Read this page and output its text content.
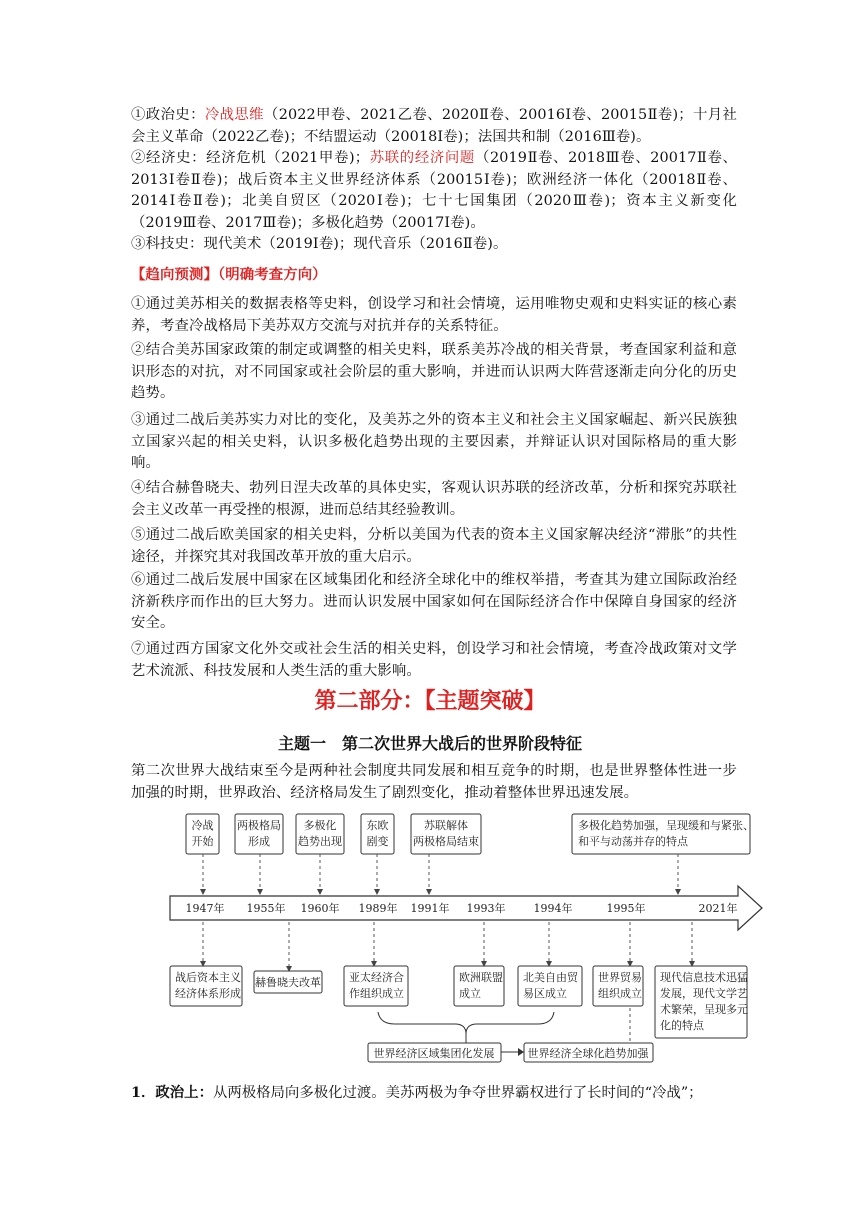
①政治史：冷战思维（2022甲卷、2021乙卷、2020Ⅱ卷、20016Ⅰ卷、20015Ⅱ卷)；十月社会主义革命（2022乙卷)；不结盟运动（20018Ⅰ卷)；法国共和制（2016Ⅲ卷)。

②经济史：经济危机（2021甲卷)；苏联的经济问题（2019Ⅱ卷、2018Ⅲ卷、20017Ⅱ卷、2013Ⅰ卷Ⅱ卷)；战后资本主义世界经济体系（20015Ⅰ卷)；欧洲经济一体化（20018Ⅱ卷、2014Ⅰ卷Ⅱ卷)；北美自贸区（2020Ⅰ卷)；七十七国集团（2020Ⅲ卷)；资本主义新变化（2019Ⅲ卷、2017Ⅲ卷)；多极化趋势（20017Ⅰ卷)。

③科技史：现代美术（2019Ⅰ卷)；现代音乐（2016Ⅱ卷)。

【趋向预测】（明确考查方向）

①通过美苏相关的数据表格等史料，创设学习和社会情境，运用唯物史观和史料实证的核心素养，考查冷战格局下美苏双方交流与对抗并存的关系特征。

②结合美苏国家政策的制定或调整的相关史料，联系美苏冷战的相关背景，考查国家利益和意识形态的对抗，对不同国家或社会阶层的重大影响，并进而认识两大阵营逐渐走向分化的历史趋势。

③通过二战后美苏实力对比的变化，及美苏之外的资本主义和社会主义国家崛起、新兴民族独立国家兴起的相关史料，认识多极化趋势出现的主要因素，并辩证认识对国际格局的重大影响。

④结合赫鲁晓夫、勃列日涅夫改革的具体史实，客观认识苏联的经济改革，分析和探究苏联社会主义改革一再受挫的根源，进而总结其经验教训。

⑤通过二战后欧美国家的相关史料，分析以美国为代表的资本主义国家解决经济“滞胀”的共性途径，并探究其对我国改革开放的重大启示。

⑥通过二战后发展中国家在区域集团化和经济全球化中的维权举措，考查其为建立国际政治经济新秩序而作出的巨大努力。进而认识发展中国家如何在国际经济合作中保障自身国家的经济安全。

⑦通过西方国家文化外交或社会生活的相关史料，创设学习和社会情境，考查冷战政策对文学艺术流派、科技发展和人类生活的重大影响。

第二部分：【主题突破】
主题一　第二次世界大战后的世界阶段特征

第二次世界大战结束至今是两种社会制度共同发展和相互竞争的时期，也是世界整体性进一步加强的时期，世界政治、经济格局发生了剧烈变化，推动着整体世界迅速发展。

1947年 1955年 1960年 1989年 1991年 1993年	1994年	1995年	2021年
冷战
开始
两极格局
形成
多极化
趋势出现
东欧
剧变
苏联解体
两极格局结束
多极化趋势加强，呈现缓和与紧张、
和平与动荡并存的特点
战后资本主义
经济体系形成
赫鲁晓夫改革	亚太经济合
作组织成立
欧洲联盟
成立
北美自由贸
易区成立
世界贸易
组织成立
现代信息技术迅猛
发展，现代文学艺
术繁荣，呈现多元
化的特点
世界经济区域集团化发展	世界经济全球化趋势加强

1．政治上：从两极格局向多极化过渡。美苏两极为争夺世界霸权进行了长时间的“冷战”；
